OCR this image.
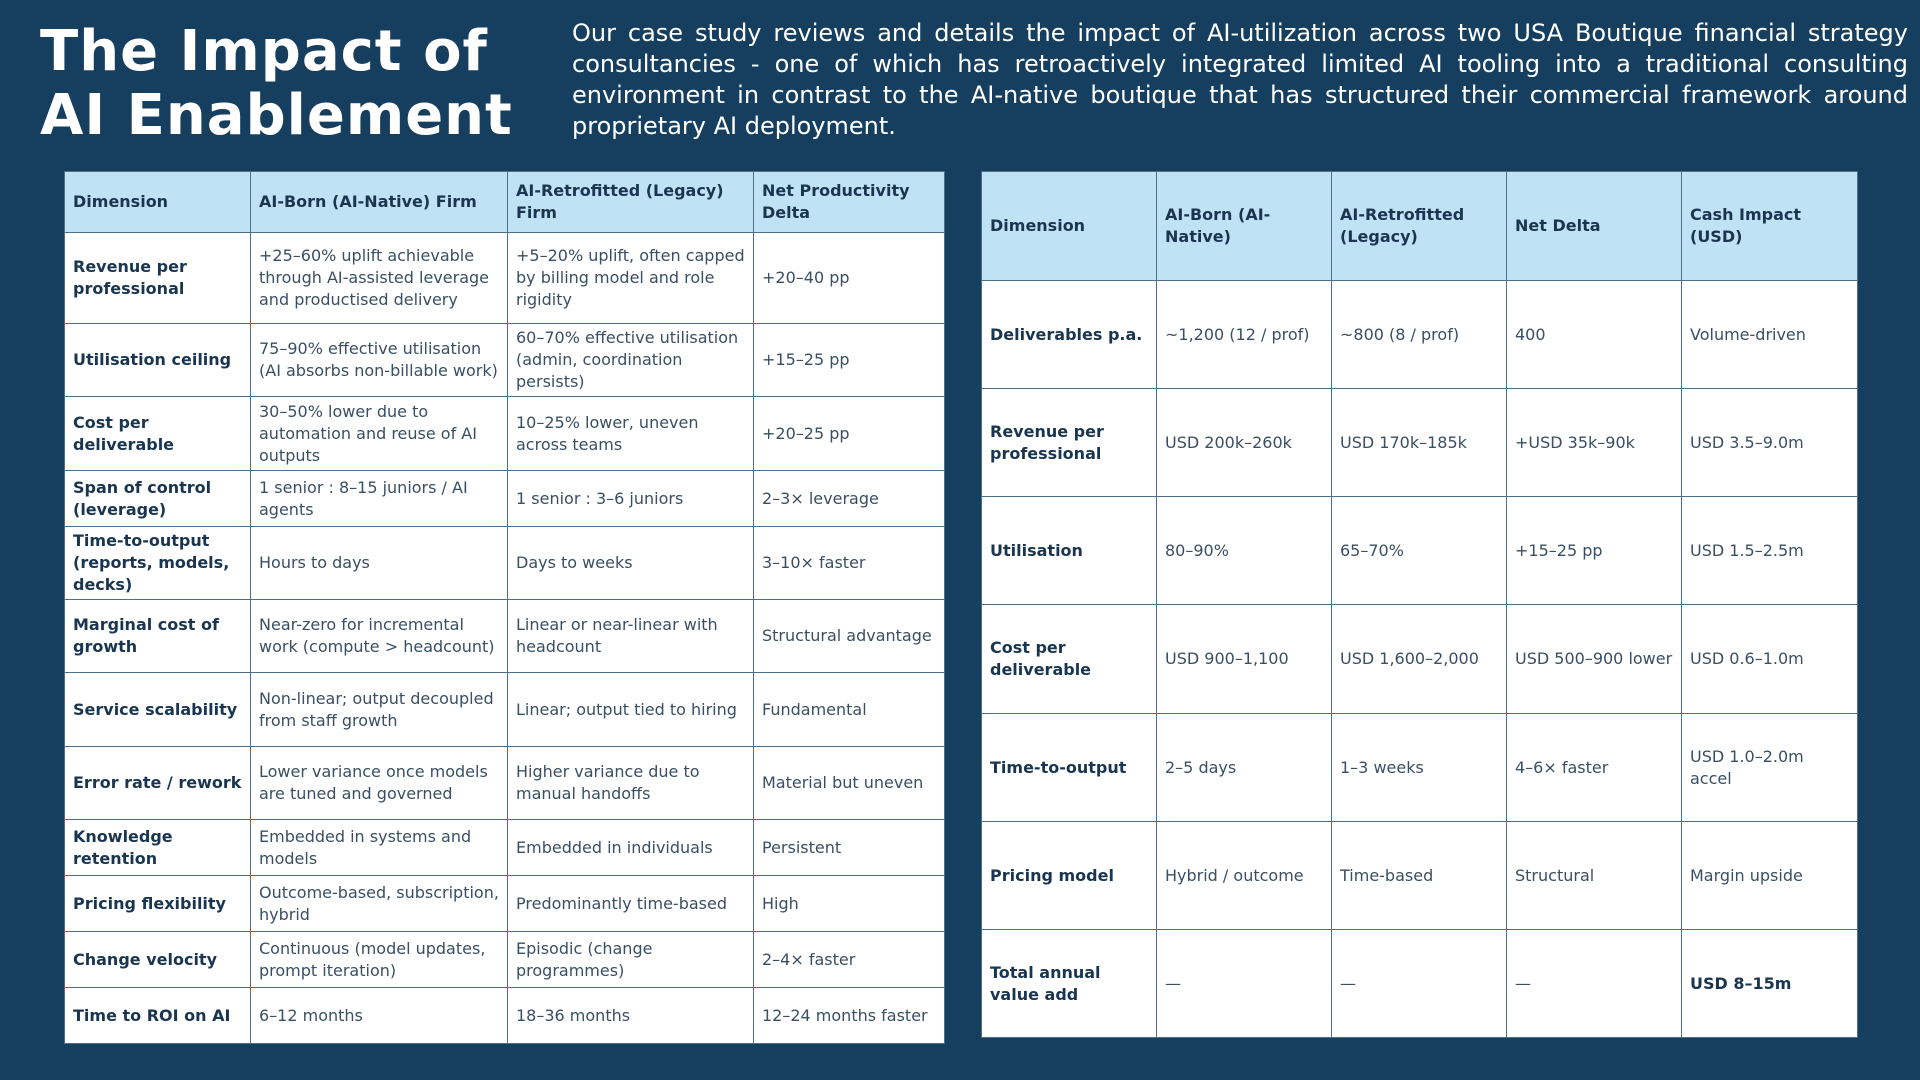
The Impact of AI Enablement

Our case study reviews and details the impact of AI-utilization across two USA Boutique financial strategy consultancies - one of which has retroactively integrated limited AI tooling into a traditional consulting environment in contrast to the AI-native boutique that has structured their commercial framework around proprietary AI deployment.

Dimension	AI-Born (AI-Native) Firm	AI-Retrofitted (Legacy) Firm	Net Productivity Delta
Revenue per professional	+25–60% uplift achievable through AI-assisted leverage and productised delivery	+5–20% uplift, often capped by billing model and role rigidity	+20–40 pp
Utilisation ceiling	75–90% effective utilisation (AI absorbs non-billable work)	60–70% effective utilisation (admin, coordination persists)	+15–25 pp
Cost per deliverable	30–50% lower due to automation and reuse of AI outputs	10–25% lower, uneven across teams	+20–25 pp
Span of control (leverage)	1 senior : 8–15 juniors / AI agents	1 senior : 3–6 juniors	2–3× leverage
Time-to-output (reports, models, decks)	Hours to days	Days to weeks	3–10× faster
Marginal cost of growth	Near-zero for incremental work (compute > headcount)	Linear or near-linear with headcount	Structural advantage
Service scalability	Non-linear; output decoupled from staff growth	Linear; output tied to hiring	Fundamental
Error rate / rework	Lower variance once models are tuned and governed	Higher variance due to manual handoffs	Material but uneven
Knowledge retention	Embedded in systems and models	Embedded in individuals	Persistent
Pricing flexibility	Outcome-based, subscription, hybrid	Predominantly time-based	High
Change velocity	Continuous (model updates, prompt iteration)	Episodic (change programmes)	2–4× faster
Time to ROI on AI	6–12 months	18–36 months	12–24 months faster
Dimension	AI-Born (AI-Native)	AI-Retrofitted (Legacy)	Net Delta	Cash Impact (USD)
Deliverables p.a.	~1,200 (12 / prof)	~800 (8 / prof)	400	Volume-driven
Revenue per professional	USD 200k–260k	USD 170k–185k	+USD 35k–90k	USD 3.5–9.0m
Utilisation	80–90%	65–70%	+15–25 pp	USD 1.5–2.5m
Cost per deliverable	USD 900–1,100	USD 1,600–2,000	USD 500–900 lower	USD 0.6–1.0m
Time-to-output	2–5 days	1–3 weeks	4–6× faster	USD 1.0–2.0m accel
Pricing model	Hybrid / outcome	Time-based	Structural	Margin upside
Total annual value add	—	—	—	USD 8–15m
